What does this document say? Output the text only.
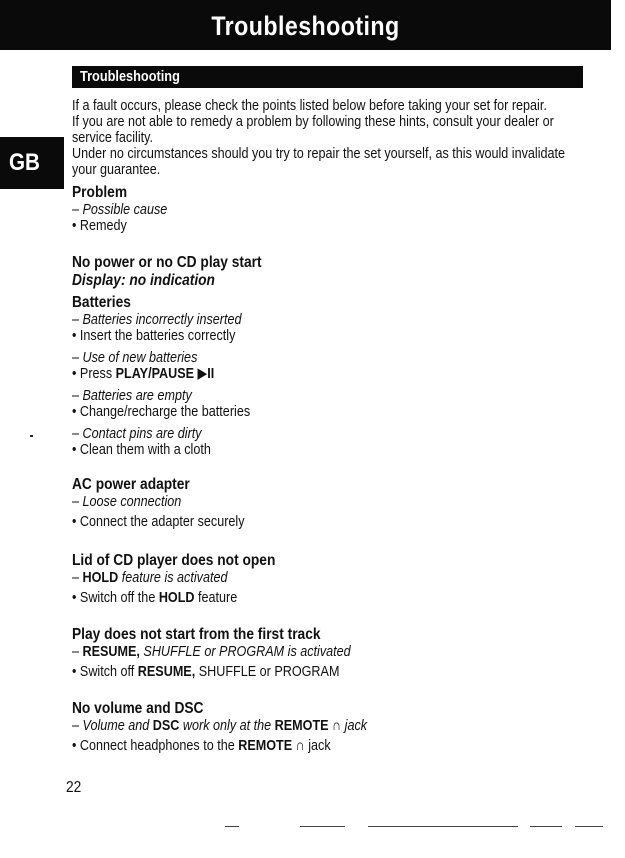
Troubleshooting
Troubleshooting
GB
If a fault occurs, please check the points listed below before taking your set for repair.
If you are not able to remedy a problem by following these hints, consult your dealer or
service facility.
Under no circumstances should you try to repair the set yourself, as this would invalidate
your guarantee.
Problem
– Possible cause
• Remedy
No power or no CD play start
Display: no indication
Batteries
– Batteries incorrectly inserted
• Insert the batteries correctly
– Use of new batteries
• Press PLAY/PAUSE ▶II
– Batteries are empty
• Change/recharge the batteries
– Contact pins are dirty
• Clean them with a cloth
AC power adapter
– Loose connection
• Connect the adapter securely
Lid of CD player does not open
– HOLD feature is activated
• Switch off the HOLD feature
Play does not start from the first track
– RESUME, SHUFFLE or PROGRAM is activated
• Switch off RESUME, SHUFFLE or PROGRAM
No volume and DSC
– Volume and DSC work only at the REMOTE ∩ jack
• Connect headphones to the REMOTE ∩ jack
22
